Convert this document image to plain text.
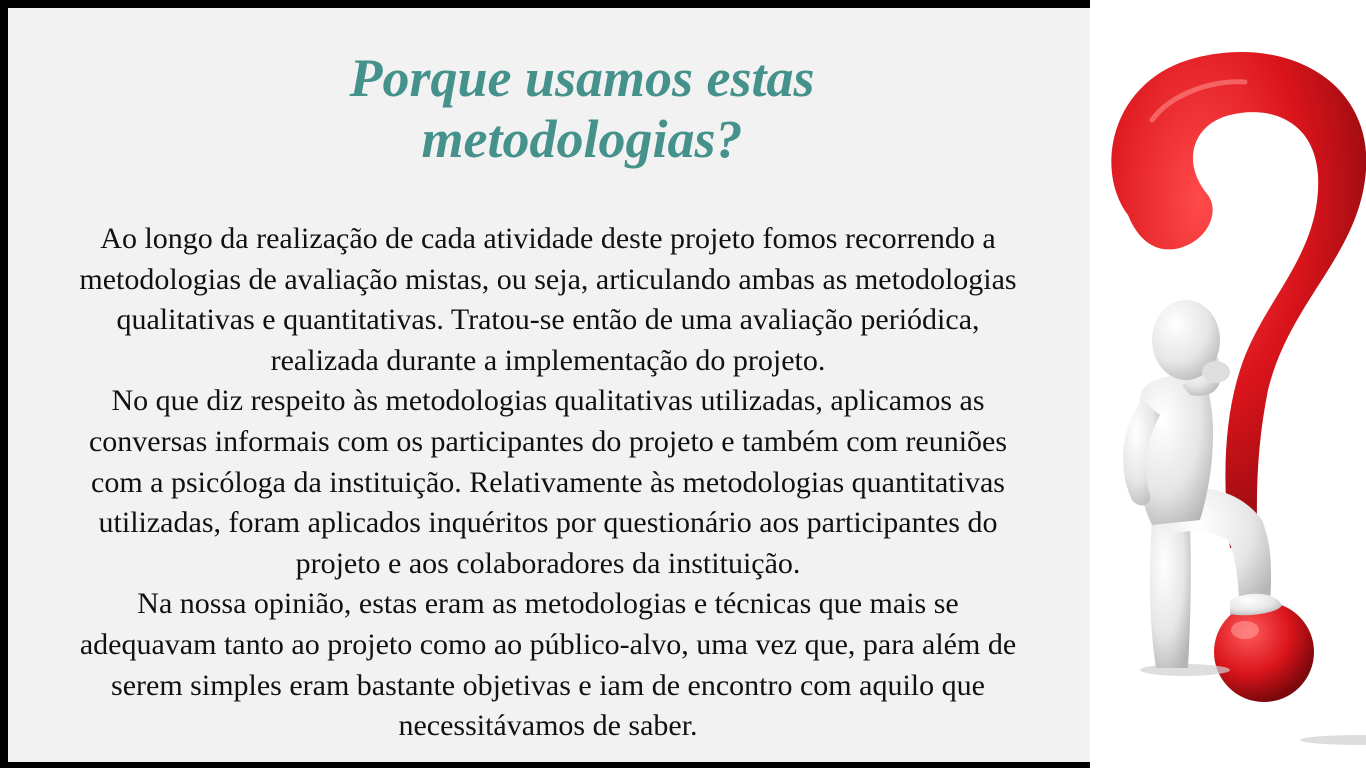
Porque usamos estas
metodologias?

Ao longo da realização de cada atividade deste projeto fomos recorrendo a
metodologias de avaliação mistas, ou seja, articulando ambas as metodologias
qualitativas e quantitativas. Tratou-se então de uma avaliação periódica,
realizada durante a implementação do projeto.
No que diz respeito às metodologias qualitativas utilizadas, aplicamos as
conversas informais com os participantes do projeto e também com reuniões
com a psicóloga da instituição. Relativamente às metodologias quantitativas
utilizadas, foram aplicados inquéritos por questionário aos participantes do
projeto e aos colaboradores da instituição.
Na nossa opinião, estas eram as metodologias e técnicas que mais se
adequavam tanto ao projeto como ao público-alvo, uma vez que, para além de
serem simples eram bastante objetivas e iam de encontro com aquilo que
necessitávamos de saber.
